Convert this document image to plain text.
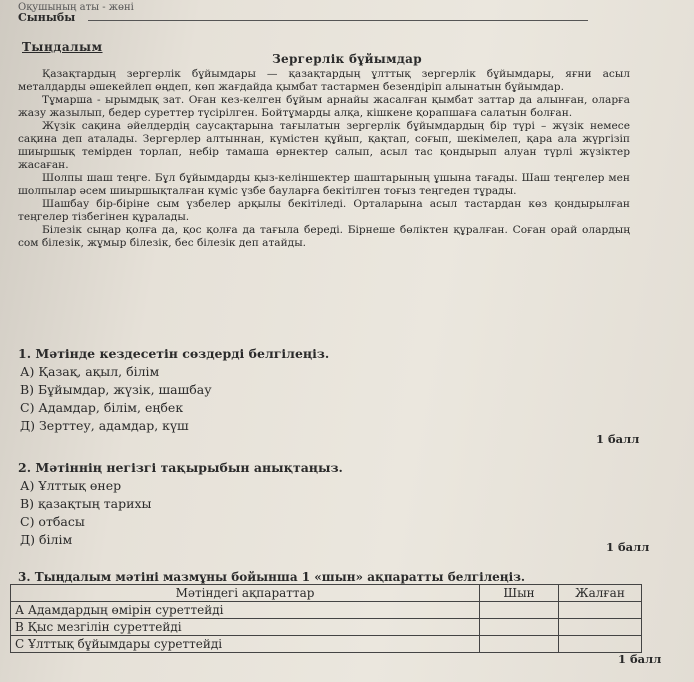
Оқушының аты - жөні
Сыныбы
Тыңдалым
Зергерлік бұйымдар

Қазақтардың зергерлік бұйымдары — қазақтардың ұлттық зергерлік бұйымдары, яғни асыл металдарды әшекейлеп өңдеп, көп жағдайда қымбат тастармен безендіріп алынатын бұйымдар.

Тұмарша - ырымдық зат. Оған кез-келген бұйым арнайы жасалған қымбат заттар да алынған, оларға жазу жазылып, бедер суреттер түсірілген. Бойтұмарды алқа, кішкене қорапшаға салатын болған.

Жүзік сақина әйелдердің саусақтарына тағылатын зергерлік бұйымдардың бір түрі – жүзік немесе сақина деп аталады. Зергерлер алтыннан, күмістен құйып, қақтап, соғып, шекімелеп, қара ала жүргізіп шиыршық темірден торлап, небір тамаша өрнектер салып, асыл тас қондырып алуан түрлі жүзіктер жасаған.

Шолпы шаш теңге. Бұл бұйымдарды қыз-келіншектер шаштарының ұшына тағады. Шаш теңгелер мен шолпылар әсем шиыршықталған күміс үзбе бауларға бекітілген тоғыз теңгеден тұрады.

Шашбау бір-біріне сым үзбелер арқылы бекітіледі. Орталарына асыл тастардан көз қондырылған теңгелер тізбегінен құралады.

Білезік сыңар қолға да, қос қолға да тағыла береді. Бірнеше бөліктен құралған. Соған орай олардың сом білезік, жұмыр білезік, бес білезік деп атайды.

1. Мәтінде кездесетін сөздерді белгілеңіз.
А) Қазақ, ақыл, білім
В) Бұйымдар, жүзік, шашбау
С) Адамдар, білім, еңбек
Д) Зерттеу, адамдар, күш
1 балл
2. Мәтіннің негізгі тақырыбын анықтаңыз.
А) Ұлттық өнер
В) қазақтың тарихы
С) отбасы
Д) білім	1 балл
3. Тыңдалым мәтіні мазмұны бойынша 1 «шын» ақпаратты белгілеңіз.
Мәтіндегі ақпараттар	Шын	Жалған
А Адамдардың өмірін суреттейді		
В Қыс мезгілін суреттейді		
С Ұлттық бұйымдары суреттейді		
1 балл
